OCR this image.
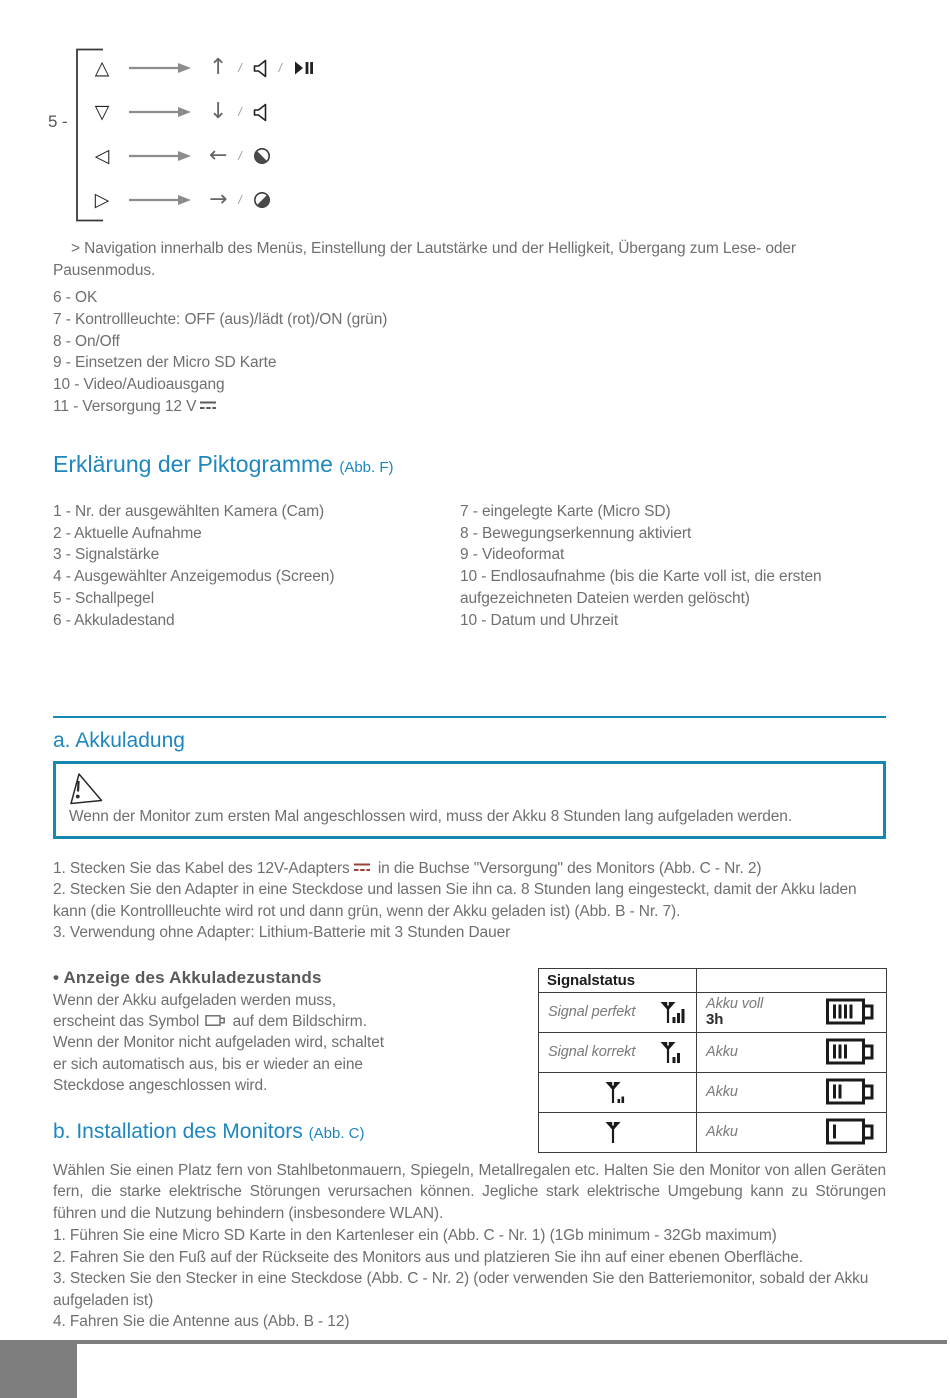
5 -
△	↑ /	/
▽	↓ /
◁	← /
▷	→ /

> Navigation innerhalb des Menüs, Einstellung der Lautstärke und der Helligkeit, Übergang zum Lese- oder Pausenmodus.

6 - OK
7 - Kontrollleuchte: OFF (aus)/lädt (rot)/ON (grün)
8 - On/Off
9 - Einsetzen der Micro SD Karte
10 - Video/Audioausgang
11 - Versorgung 12 V
Erklärung der Piktogramme (Abb. F)
1 - Nr. der ausgewählten Kamera (Cam)
2 - Aktuelle Aufnahme
3 - Signalstärke
4 - Ausgewählter Anzeigemodus (Screen)
5 - Schallpegel
6 - Akkuladestand
7 - eingelegte Karte (Micro SD)
8 - Bewegungserkennung aktiviert
9 - Videoformat
10 - Endlosaufnahme (bis die Karte voll ist, die ersten aufgezeichneten Dateien werden gelöscht)
10 - Datum und Uhrzeit
a. Akkuladung
Wenn der Monitor zum ersten Mal angeschlossen wird, muss der Akku 8 Stunden lang aufgeladen werden.
1. Stecken Sie das Kabel des 12V-Adapters in die Buchse "Versorgung" des Monitors (Abb. C - Nr. 2)
2. Stecken Sie den Adapter in eine Steckdose und lassen Sie ihn ca. 8 Stunden lang eingesteckt, damit der Akku laden kann (die Kontrollleuchte wird rot und dann grün, wenn der Akku geladen ist) (Abb. B - Nr. 7).
3. Verwendung ohne Adapter: Lithium-Batterie mit 3 Stunden Dauer
• Anzeige des Akkuladezustands
Wenn der Akku aufgeladen werden muss,
erscheint das Symbol auf dem Bildschirm.
Wenn der Monitor nicht aufgeladen wird, schaltet
er sich automatisch aus, bis er wieder an eine
Steckdose angeschlossen wird.
b. Installation des Monitors (Abb. C)
Signalstatus	

Signal perfekt	Akku voll
3h

Signal korrekt	Akku

Akku

Akku

Wählen Sie einen Platz fern von Stahlbetonmauern, Spiegeln, Metallregalen etc. Halten Sie den Monitor von allen Geräten fern, die starke elektrische Störungen verursachen können. Jegliche stark elektrische Umgebung kann zu Störungen führen und die Nutzung behindern (insbesondere WLAN).

1. Führen Sie eine Micro SD Karte in den Kartenleser ein (Abb. C - Nr. 1) (1Gb minimum - 32Gb maximum)
2. Fahren Sie den Fuß auf der Rückseite des Monitors aus und platzieren Sie ihn auf einer ebenen Oberfläche.
3. Stecken Sie den Stecker in eine Steckdose (Abb. C - Nr. 2) (oder verwenden Sie den Batteriemonitor, sobald der Akku aufgeladen ist)
4. Fahren Sie die Antenne aus (Abb. B - 12)
